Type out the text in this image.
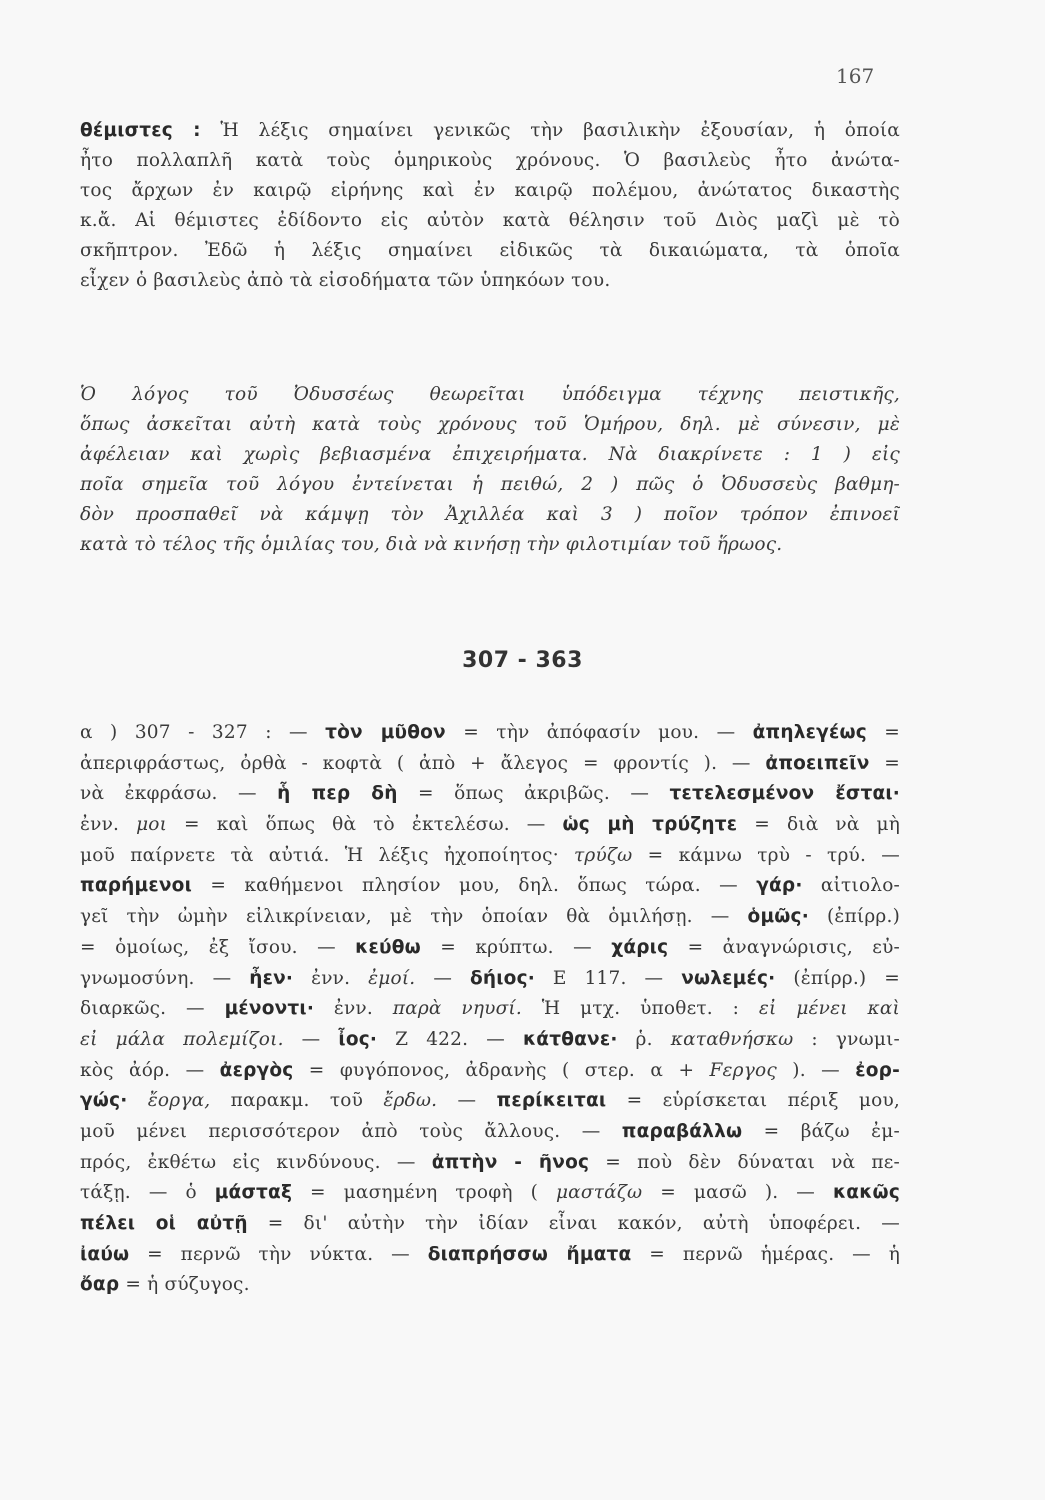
167
θέμιστες : Ἡ λέξις σημαίνει γενικῶς τὴν βασιλικὴν ἐξουσίαν, ἡ ὁποία
ἦτο πολλαπλῆ κατὰ τοὺς ὁμηρικοὺς χρόνους. Ὁ βασιλεὺς ἦτο ἀνώτα-
τος ἄρχων ἐν καιρῷ εἰρήνης καὶ ἐν καιρῷ πολέμου, ἀνώτατος δικαστὴς
κ.ἄ. Αἱ θέμιστες ἐδίδοντο εἰς αὐτὸν κατὰ θέλησιν τοῦ Διὸς μαζὶ μὲ τὸ
σκῆπτρον. Ἐδῶ ἡ λέξις σημαίνει εἰδικῶς τὰ δικαιώματα, τὰ ὁποῖα
εἶχεν ὁ βασιλεὺς ἀπὸ τὰ εἰσοδήματα τῶν ὑπηκόων του.
Ὁ λόγος τοῦ Ὀδυσσέως θεωρεῖται ὑπόδειγμα τέχνης πειστικῆς,
ὅπως ἀσκεῖται αὐτὴ κατὰ τοὺς χρόνους τοῦ Ὁμήρου, δηλ. μὲ σύνεσιν, μὲ
ἀφέλειαν καὶ χωρὶς βεβιασμένα ἐπιχειρήματα. Νὰ διακρίνετε : 1 ) εἰς
ποῖα σημεῖα τοῦ λόγου ἐντείνεται ἡ πειθώ, 2 ) πῶς ὁ Ὀδυσσεὺς βαθμη-
δὸν προσπαθεῖ νὰ κάμψῃ τὸν Ἀχιλλέα καὶ 3 ) ποῖον τρόπον ἐπινοεῖ
κατὰ τὸ τέλος τῆς ὁμιλίας του, διὰ νὰ κινήσῃ τὴν φιλοτιμίαν τοῦ ἥρωος.
307 - 363
α ) 307 - 327 : — τὸν μῦθον = τὴν ἀπόφασίν μου. — ἀπηλεγέως =
ἀπεριφράστως, ὀρθὰ - κοφτὰ ( ἀπὸ + ἄλεγος = φροντίς ). — ἀποειπεῖν =
νὰ ἐκφράσω. — ἧ περ δὴ = ὅπως ἀκριβῶς. — τετελεσμένον ἔσται·
ἐνν. μοι = καὶ ὅπως θὰ τὸ ἐκτελέσω. — ὡς μὴ τρύζητε = διὰ νὰ μὴ
μοῦ παίρνετε τὰ αὐτιά. Ἡ λέξις ἠχοποίητος· τρύζω = κάμνω τρὺ - τρύ. —
παρήμενοι = καθήμενοι πλησίον μου, δηλ. ὅπως τώρα. — γάρ· αἰτιολο-
γεῖ τὴν ὠμὴν εἰλικρίνειαν, μὲ τὴν ὁποίαν θὰ ὁμιλήσῃ. — ὁμῶς· (ἐπίρρ.)
= ὁμοίως, ἐξ ἴσου. — κεύθω = κρύπτω. — χάρις = ἀναγνώρισις, εὐ-
γνωμοσύνη. — ἦεν· ἐνν. ἐμοί. — δήιος· Ε 117. — νωλεμές· (ἐπίρρ.) =
διαρκῶς. — μένοντι· ἐνν. παρὰ νηυσί. Ἡ μτχ. ὑποθετ. : εἰ μένει καὶ
εἰ μάλα πολεμίζοι. — ἶος· Ζ 422. — κάτθανε· ῥ. καταθνήσκω : γνωμι-
κὸς ἀόρ. — ἀεργὸς = φυγόπονος, ἀδρανὴς ( στερ. α + Fεργος ). — ἐορ-
γώς· ἔοργα, παρακμ. τοῦ ἔρδω. — περίκειται = εὑρίσκεται πέριξ μου,
μοῦ μένει περισσότερον ἀπὸ τοὺς ἄλλους. — παραβάλλω = βάζω ἐμ-
πρός, ἐκθέτω εἰς κινδύνους. — ἀπτὴν - ῆνος = ποὺ δὲν δύναται νὰ πε-
τάξῃ. — ὁ μάσταξ = μασημένη τροφὴ ( μαστάζω = μασῶ ). — κακῶς
πέλει οἱ αὐτῇ = δι' αὐτὴν τὴν ἰδίαν εἶναι κακόν, αὐτὴ ὑποφέρει. —
ἰαύω = περνῶ τὴν νύκτα. — διαπρήσσω ἤματα = περνῶ ἡμέρας. — ἡ
ὄαρ = ἡ σύζυγος.
